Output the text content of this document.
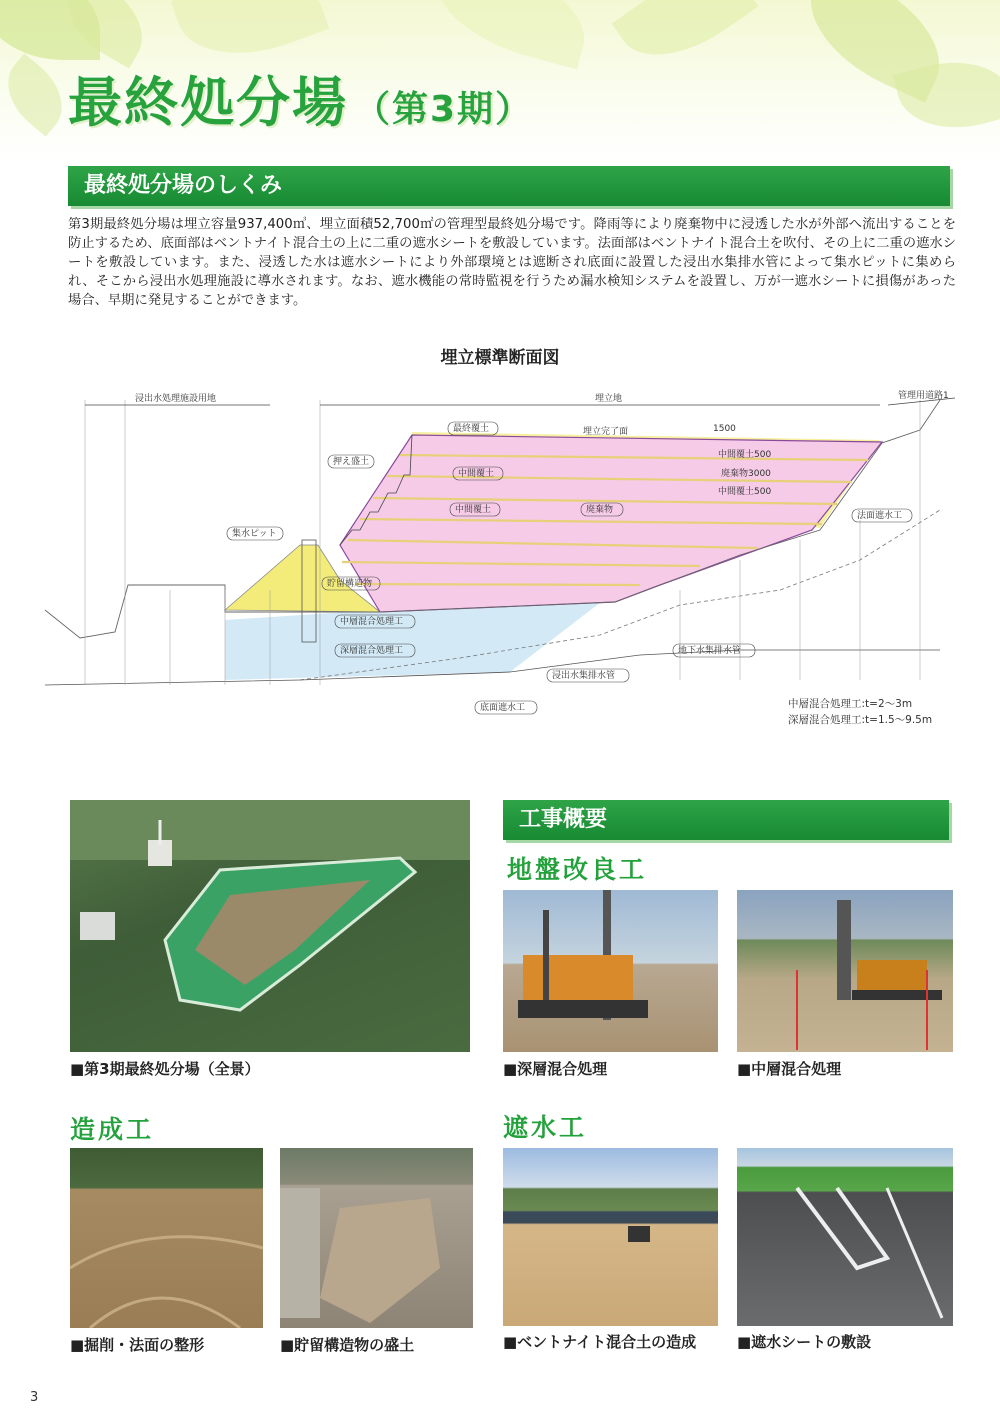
最終処分場 （第3期）
最終処分場のしくみ

第3期最終処分場は埋立容量937,400㎥、埋立面積52,700㎡の管理型最終処分場です。降雨等により廃棄物中に浸透した水が外部へ流出することを防止するため、底面部はベントナイト混合土の上に二重の遮水シートを敷設しています。法面部はベントナイト混合土を吹付、その上に二重の遮水シートを敷設しています。また、浸透した水は遮水シートにより外部環境とは遮断され底面に設置した浸出水集排水管によって集水ピットに集められ、そこから浸出水処理施設に導水されます。なお、遮水機能の常時監視を行うため漏水検知システムを設置し、万が一遮水シートに損傷があった場合、早期に発見することができます。

埋立標準断面図
浸出水処理施設用地	埋立地	管理用道路1
最終覆土	埋立完了面	1500
中間覆土500
廃棄物3000
中間覆土500
押え盛土
中間覆土
中間覆土	廃棄物
集水ピット
法面遮水工
貯留構造物
中層混合処理工
深層混合処理工	地下水集排水管
浸出水集排水管
底面遮水工	中層混合処理工:t=2～3m
深層混合処理工:t=1.5～9.5m
■第3期最終処分場（全景）
工事概要
地盤改良工
■深層混合処理	■中層混合処理
造成工
■掘削・法面の整形	■貯留構造物の盛土
遮水工
■ベントナイト混合土の造成	■遮水シートの敷設
3
